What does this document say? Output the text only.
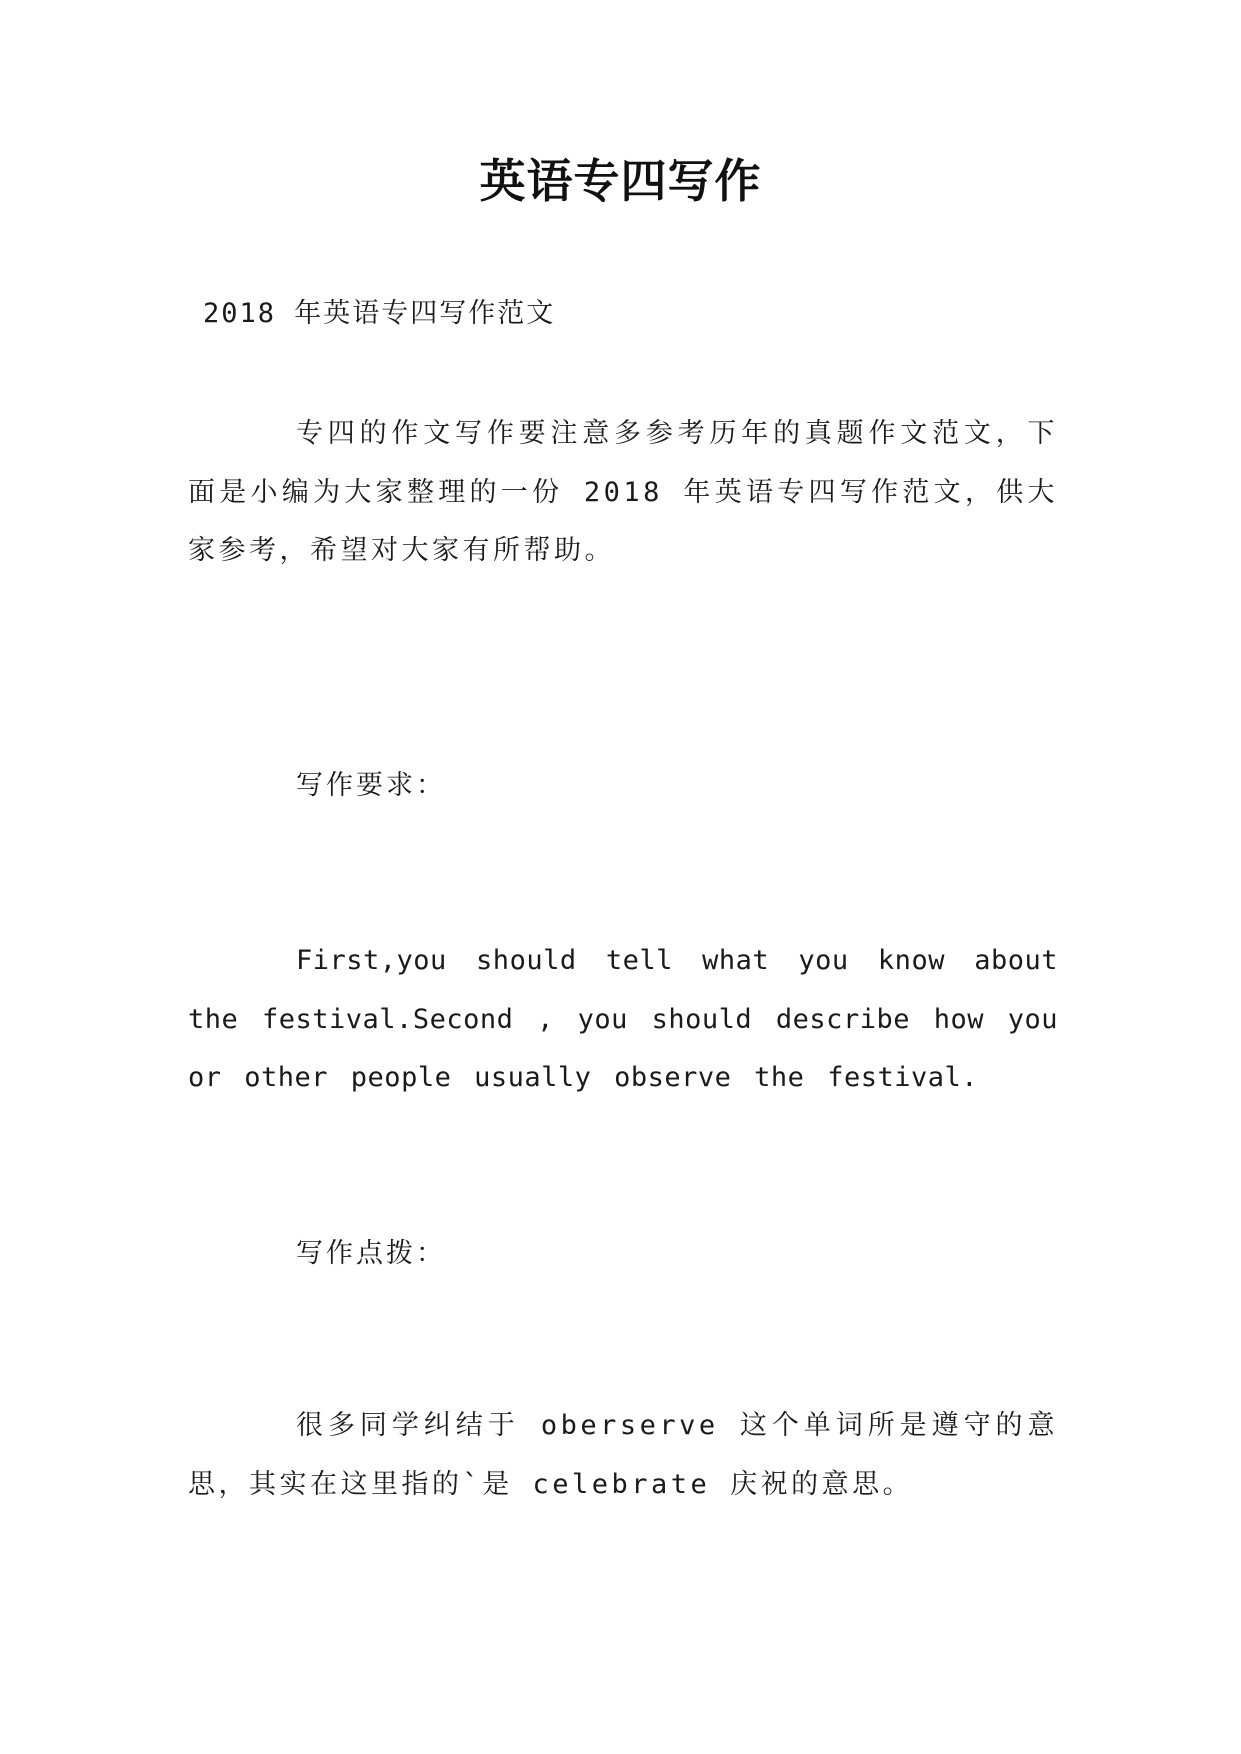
英语专四写作

2018 年英语专四写作范文

专四的作文写作要注意多参考历年的真题作文范文，下面是小编为大家整理的一份 2018 年英语专四写作范文，供大家参考，希望对大家有所帮助。

写作要求：

First,you should tell what you know about the festival.Second , you should describe how you or other people usually observe the festival.

写作点拨：

很多同学纠结于 oberserve 这个单词所是遵守的意思，其实在这里指的`是 celebrate 庆祝的意思。
